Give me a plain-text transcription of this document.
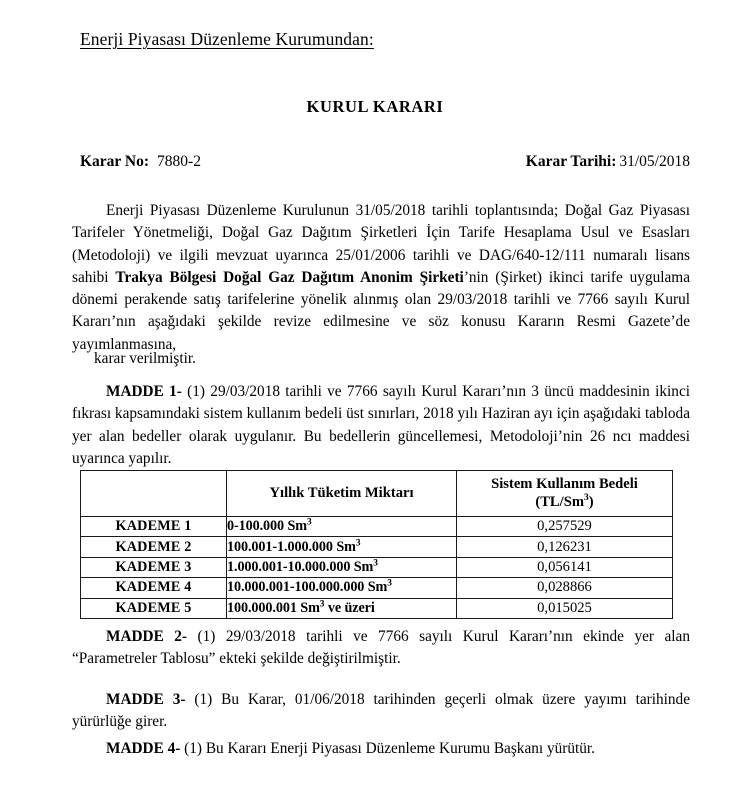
Enerji Piyasası Düzenleme Kurumundan:
KURUL KARARI
Karar No: 7880-2	Karar Tarihi: 31/05/2018

Enerji Piyasası Düzenleme Kurulunun 31/05/2018 tarihli toplantısında; Doğal Gaz Piyasası Tarifeler Yönetmeliği, Doğal Gaz Dağıtım Şirketleri İçin Tarife Hesaplama Usul ve Esasları (Metodoloji) ve ilgili mevzuat uyarınca 25/01/2006 tarihli ve DAG/640-12/111 numaralı lisans sahibi Trakya Bölgesi Doğal Gaz Dağıtım Anonim Şirketi’nin (Şirket) ikinci tarife uygulama dönemi perakende satış tarifelerine yönelik alınmış olan 29/03/2018 tarihli ve 7766 sayılı Kurul Kararı’nın aşağıdaki şekilde revize edilmesine ve söz konusu Kararın Resmi Gazete’de yayımlanmasına,

karar verilmiştir.

MADDE 1- (1) 29/03/2018 tarihli ve 7766 sayılı Kurul Kararı’nın 3 üncü maddesinin ikinci fıkrası kapsamındaki sistem kullanım bedeli üst sınırları, 2018 yılı Haziran ayı için aşağıdaki tabloda yer alan bedeller olarak uygulanır. Bu bedellerin güncellemesi, Metodoloji’nin 26 ncı maddesi uyarınca yapılır.

	Yıllık Tüketim Miktarı	Sistem Kullanım Bedeli
(TL/Sm$^3$)
KADEME 1	0-100.000 Sm$^3$	0,257529
KADEME 2	100.001-1.000.000 Sm$^3$	0,126231
KADEME 3	1.000.001-10.000.000 Sm$^3$	0,056141
KADEME 4	10.000.001-100.000.000 Sm$^3$	0,028866
KADEME 5	100.000.001 Sm$^3$ ve üzeri	0,015025

MADDE 2- (1) 29/03/2018 tarihli ve 7766 sayılı Kurul Kararı’nın ekinde yer alan “Parametreler Tablosu” ekteki şekilde değiştirilmiştir.

MADDE 3- (1) Bu Karar, 01/06/2018 tarihinden geçerli olmak üzere yayımı tarihinde yürürlüğe girer.

MADDE 4- (1) Bu Kararı Enerji Piyasası Düzenleme Kurumu Başkanı yürütür.
